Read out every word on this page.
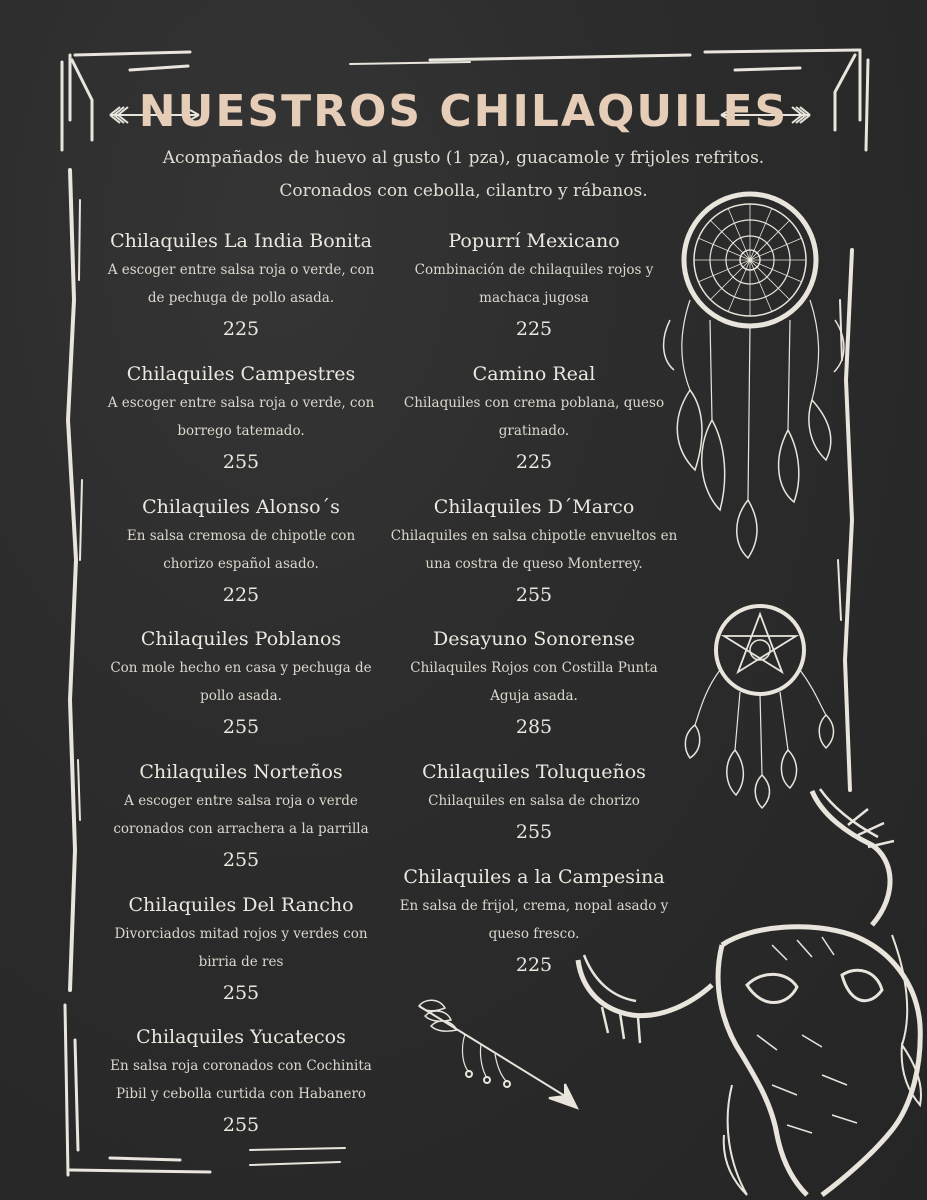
NUESTROS CHILAQUILES
Acompañados de huevo al gusto (1 pza), guacamole y frijoles refritos.
Coronados con cebolla, cilantro y rábanos.
Chilaquiles La India Bonita
A escoger entre salsa roja o verde, con
de pechuga de pollo asada.
225
Chilaquiles Campestres
A escoger entre salsa roja o verde, con
borrego tatemado.
255
Chilaquiles Alonso´s
En salsa cremosa de chipotle con
chorizo español asado.
225
Chilaquiles Poblanos
Con mole hecho en casa y pechuga de
pollo asada.
255
Chilaquiles Norteños
A escoger entre salsa roja o verde
coronados con arrachera a la parrilla
255
Chilaquiles Del Rancho
Divorciados mitad rojos y verdes con
birria de res
255
Chilaquiles Yucatecos
En salsa roja coronados con Cochinita
Pibil y cebolla curtida con Habanero
255
Popurrí Mexicano
Combinación de chilaquiles rojos y
machaca jugosa
225
Camino Real
Chilaquiles con crema poblana, queso
gratinado.
225
Chilaquiles D´Marco
Chilaquiles en salsa chipotle envueltos en
una costra de queso Monterrey.
255
Desayuno Sonorense
Chilaquiles Rojos con Costilla Punta
Aguja asada.
285
Chilaquiles Toluqueños
Chilaquiles en salsa de chorizo
255
Chilaquiles a la Campesina
En salsa de frijol, crema, nopal asado y
queso fresco.
225
